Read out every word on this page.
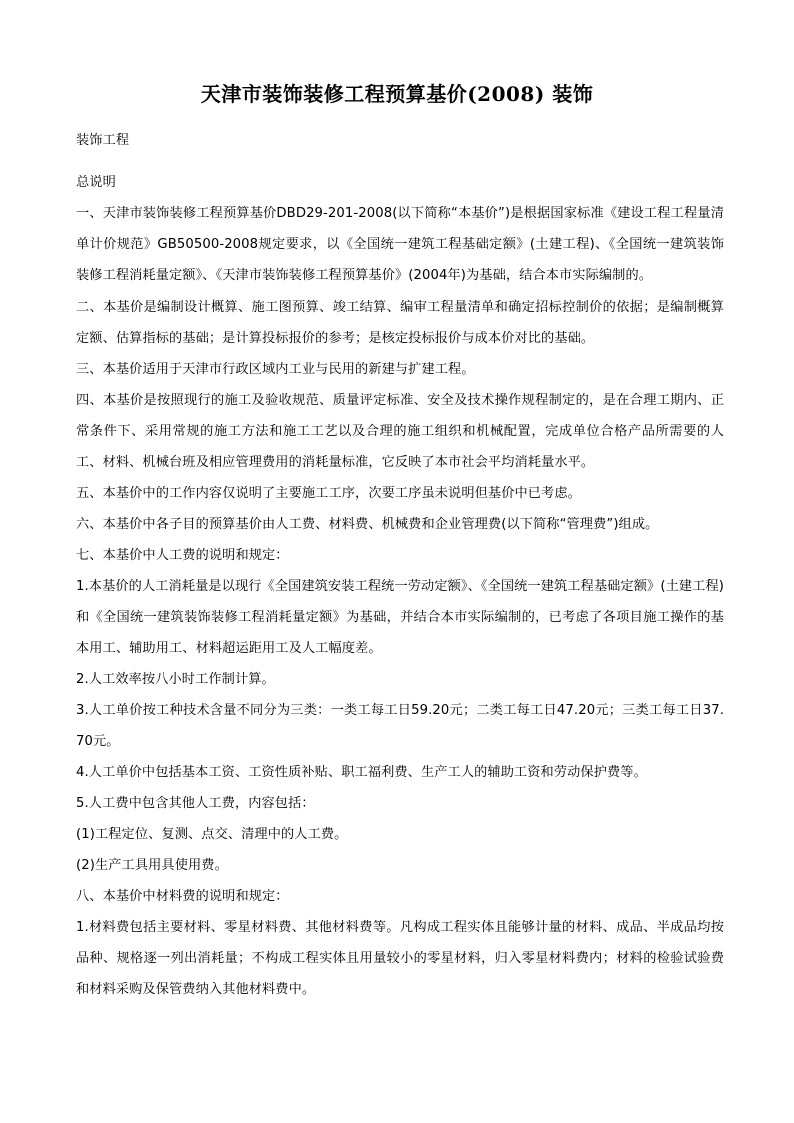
天津市装饰装修工程预算基价(2008) 装饰
装饰工程
总说明
一、天津市装饰装修工程预算基价DBD29-201-2008(以下简称“本基价”)是根据国家标准《建设工程工程量清单计价规范》GB50500-2008规定要求，以《全国统一建筑工程基础定额》(土建工程)、《全国统一建筑装饰装修工程消耗量定额》、《天津市装饰装修工程预算基价》(2004年)为基础，结合本市实际编制的。
二、本基价是编制设计概算、施工图预算、竣工结算、编审工程量清单和确定招标控制价的依据；是编制概算定额、估算指标的基础；是计算投标报价的参考；是核定投标报价与成本价对比的基础。
三、本基价适用于天津市行政区域内工业与民用的新建与扩建工程。
四、本基价是按照现行的施工及验收规范、质量评定标准、安全及技术操作规程制定的，是在合理工期内、正常条件下、采用常规的施工方法和施工工艺以及合理的施工组织和机械配置，完成单位合格产品所需要的人工、材料、机械台班及相应管理费用的消耗量标准，它反映了本市社会平均消耗量水平。
五、本基价中的工作内容仅说明了主要施工工序，次要工序虽未说明但基价中已考虑。
六、本基价中各子目的预算基价由人工费、材料费、机械费和企业管理费(以下简称“管理费”)组成。
七、本基价中人工费的说明和规定：
1.本基价的人工消耗量是以现行《全国建筑安装工程统一劳动定额》、《全国统一建筑工程基础定额》(土建工程)和《全国统一建筑装饰装修工程消耗量定额》为基础，并结合本市实际编制的，已考虑了各项目施工操作的基本用工、辅助用工、材料超运距用工及人工幅度差。
2.人工效率按八小时工作制计算。
3.人工单价按工种技术含量不同分为三类：一类工每工日59.20元；二类工每工日47.20元；三类工每工日37.70元。
4.人工单价中包括基本工资、工资性质补贴、职工福利费、生产工人的辅助工资和劳动保护费等。
5.人工费中包含其他人工费，内容包括：
(1)工程定位、复测、点交、清理中的人工费。
(2)生产工具用具使用费。
八、本基价中材料费的说明和规定：
1.材料费包括主要材料、零星材料费、其他材料费等。凡构成工程实体且能够计量的材料、成品、半成品均按品种、规格逐一列出消耗量；不构成工程实体且用量较小的零星材料，归入零星材料费内；材料的检验试验费和材料采购及保管费纳入其他材料费中。
